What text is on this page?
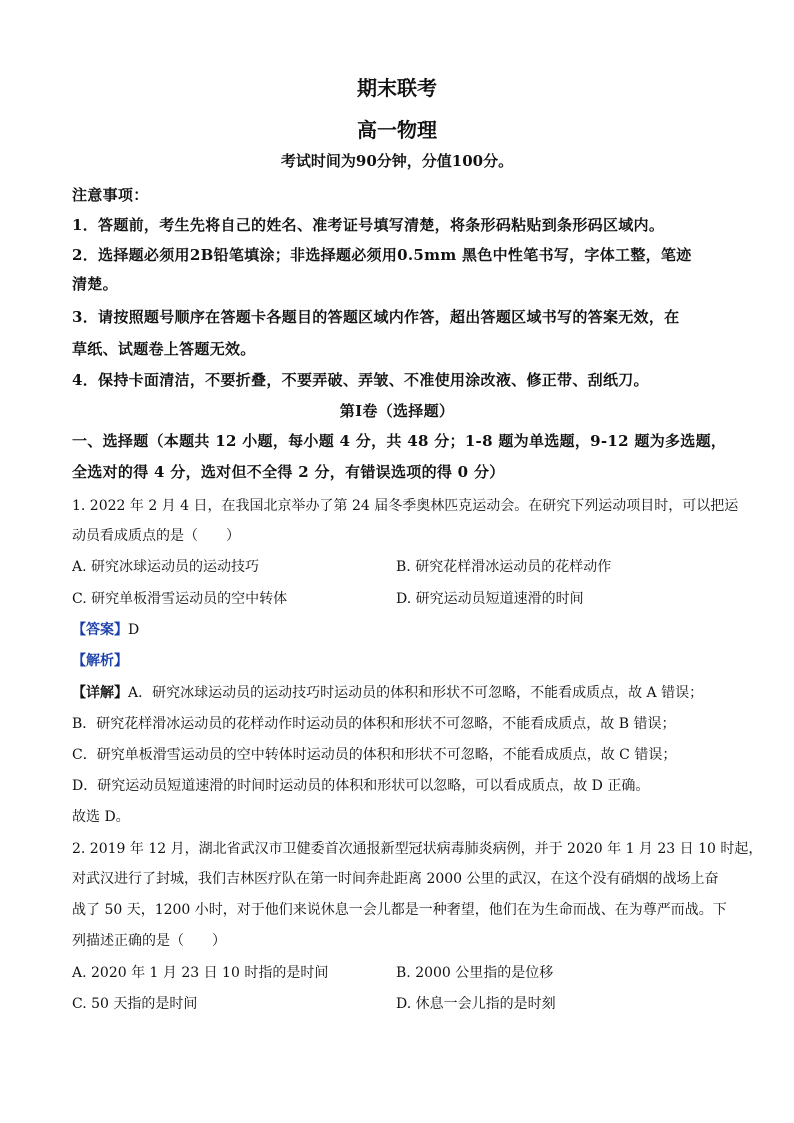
期末联考
高一物理
考试时间为90分钟，分值100分。
注意事项：
1．答题前，考生先将自己的姓名、准考证号填写清楚，将条形码粘贴到条形码区域内。
2．选择题必须用2B铅笔填涂；非选择题必须用0.5mm 黑色中性笔书写，字体工整，笔迹
清楚。
3．请按照题号顺序在答题卡各题目的答题区域内作答，超出答题区域书写的答案无效，在
草纸、试题卷上答题无效。
4．保持卡面清洁，不要折叠，不要弄破、弄皱、不准使用涂改液、修正带、刮纸刀。
第Ⅰ卷（选择题）
一、选择题（本题共 12 小题，每小题 4 分，共 48 分；1-8 题为单选题，9-12 题为多选题，
全选对的得 4 分，选对但不全得 2 分，有错误选项的得 0 分）
1. 2022 年 2 月 4 日，在我国北京举办了第 24 届冬季奥林匹克运动会。在研究下列运动项目时，可以把运
动员看成质点的是（　　）
A. 研究冰球运动员的运动技巧	B. 研究花样滑冰运动员的花样动作
C. 研究单板滑雪运动员的空中转体	D. 研究运动员短道速滑的时间
【答案】D
【解析】
【详解】A．研究冰球运动员的运动技巧时运动员的体积和形状不可忽略，不能看成质点，故 A 错误；
B．研究花样滑冰运动员的花样动作时运动员的体积和形状不可忽略，不能看成质点，故 B 错误；
C．研究单板滑雪运动员的空中转体时运动员的体积和形状不可忽略，不能看成质点，故 C 错误；
D．研究运动员短道速滑的时间时运动员的体积和形状可以忽略，可以看成质点，故 D 正确。
故选 D。
2. 2019 年 12 月，湖北省武汉市卫健委首次通报新型冠状病毒肺炎病例，并于 2020 年 1 月 23 日 10 时起，
对武汉进行了封城，我们吉林医疗队在第一时间奔赴距离 2000 公里的武汉，在这个没有硝烟的战场上奋
战了 50 天，1200 小时，对于他们来说休息一会儿都是一种奢望，他们在为生命而战、在为尊严而战。下
列描述正确的是（　　）
A. 2020 年 1 月 23 日 10 时指的是时间	B. 2000 公里指的是位移
C. 50 天指的是时间	D. 休息一会儿指的是时刻
